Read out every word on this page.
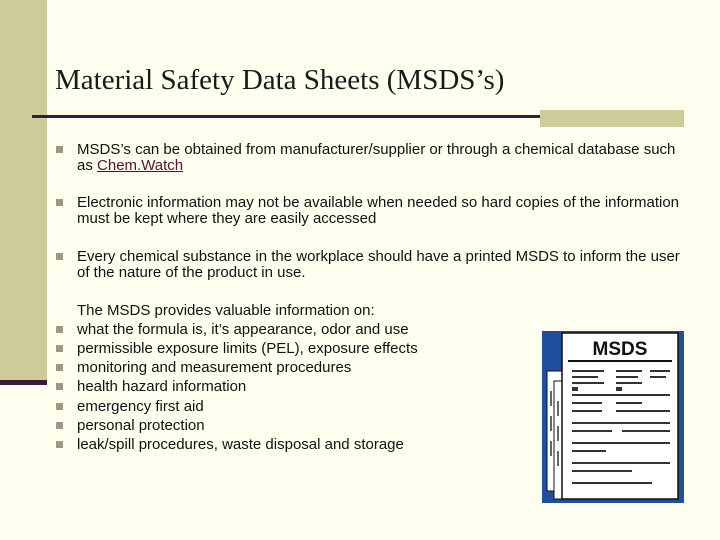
Material Safety Data Sheets (MSDS’s)
MSDS’s can be obtained from manufacturer/supplier or through a chemical database such as Chem.Watch
Electronic information may not be available when needed so hard copies of the information must be kept where they are easily accessed
Every chemical substance in the workplace should have a printed MSDS to inform the user of the nature of the product in use.
The MSDS provides valuable information on:
what the formula is, it’s appearance, odor and use
permissible exposure limits (PEL), exposure effects
monitoring and measurement procedures
health hazard information
emergency first aid
personal protection
leak/spill procedures, waste disposal and storage
MSDS
